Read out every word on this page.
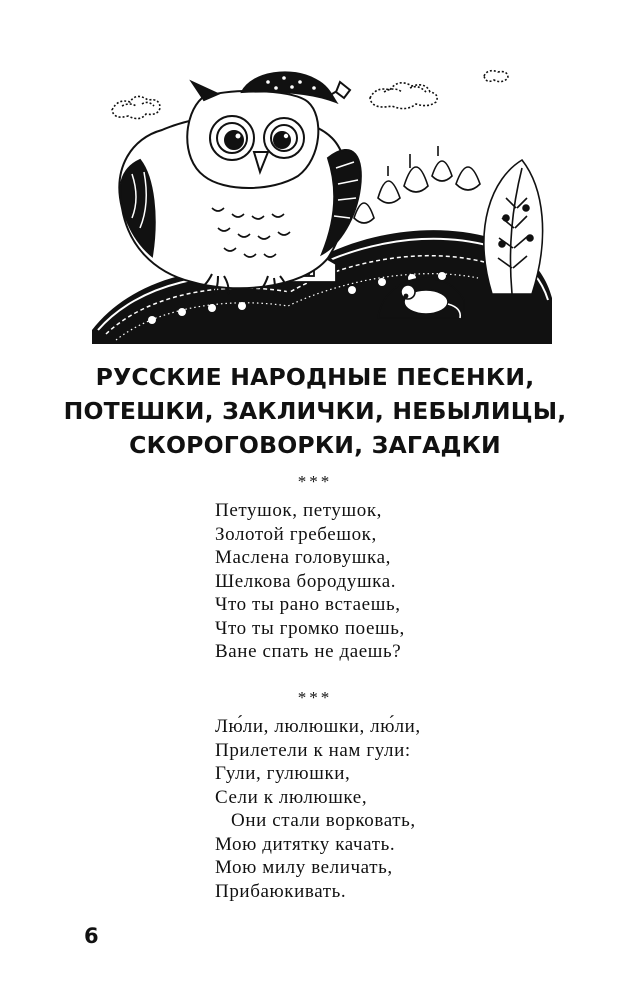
РУССКИЕ НАРОДНЫЕ ПЕСЕНКИ,
ПОТЕШКИ, ЗАКЛИЧКИ, НЕБЫЛИЦЫ,
СКОРОГОВОРКИ, ЗАГАДКИ
***
Петушок, петушок,
Золотой гребешок,
Маслена головушка,
Шелкова бородушка.
Что ты рано встаешь,
Что ты громко поешь,
Ване спать не даешь?
***
Лю́ли, люлюшки, лю́ли,
Прилетели к нам гули:
Гули, гулюшки,
Сели к люлюшке,
Они стали ворковать,
Мою дитятку качать.
Мою милу величать,
Прибаюкивать.
6
